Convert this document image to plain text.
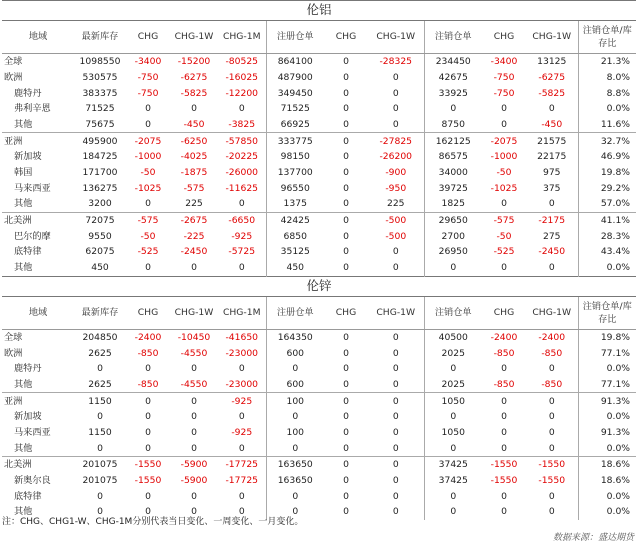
伦铝											
地域	最新库存	CHG	CHG-1W	CHG-1M	注册仓单	CHG	CHG-1W	注销仓单	CHG	CHG-1W	注销仓单/库存比
全球	1098550	-3400	-15200	-80525	864100	0	-28325	234450	-3400	13125	21.3%
欧洲	530575	-750	-6275	-16025	487900	0	0	42675	-750	-6275	8.0%
鹿特丹	383375	-750	-5825	-12200	349450	0	0	33925	-750	-5825	8.8%
弗利辛恩	71525	0	0	0	71525	0	0	0	0	0	0.0%
其他	75675	0	-450	-3825	66925	0	0	8750	0	-450	11.6%
亚洲	495900	-2075	-6250	-57850	333775	0	-27825	162125	-2075	21575	32.7%
新加坡	184725	-1000	-4025	-20225	98150	0	-26200	86575	-1000	22175	46.9%
韩国	171700	-50	-1875	-26000	137700	0	-900	34000	-50	975	19.8%
马来西亚	136275	-1025	-575	-11625	96550	0	-950	39725	-1025	375	29.2%
其他	3200	0	225	0	1375	0	225	1825	0	0	57.0%
北美洲	72075	-575	-2675	-6650	42425	0	-500	29650	-575	-2175	41.1%
巴尔的摩	9550	-50	-225	-925	6850	0	-500	2700	-50	275	28.3%
底特律	62075	-525	-2450	-5725	35125	0	0	26950	-525	-2450	43.4%
其他	450	0	0	0	450	0	0	0	0	0	0.0%
伦锌											
地域	最新库存	CHG	CHG-1W	CHG-1M	注册仓单	CHG	CHG-1W	注销仓单	CHG	CHG-1W	注销仓单/库存比
全球	204850	-2400	-10450	-41650	164350	0	0	40500	-2400	-2400	19.8%
欧洲	2625	-850	-4550	-23000	600	0	0	2025	-850	-850	77.1%
鹿特丹	0	0	0	0	0	0	0	0	0	0	0.0%
其他	2625	-850	-4550	-23000	600	0	0	2025	-850	-850	77.1%
亚洲	1150	0	0	-925	100	0	0	1050	0	0	91.3%
新加坡	0	0	0	0	0	0	0	0	0	0	0.0%
马来西亚	1150	0	0	-925	100	0	0	1050	0	0	91.3%
其他	0	0	0	0	0	0	0	0	0	0	0.0%
北美洲	201075	-1550	-5900	-17725	163650	0	0	37425	-1550	-1550	18.6%
新奥尔良	201075	-1550	-5900	-17725	163650	0	0	37425	-1550	-1550	18.6%
底特律	0	0	0	0	0	0	0	0	0	0	0.0%
其他	0	0	0	0	0	0	0	0	0	0	0.0%
注：CHG、CHG1-W、CHG-1M分别代表当日变化、一周变化、一月变化。
数据来源：盛达期货
